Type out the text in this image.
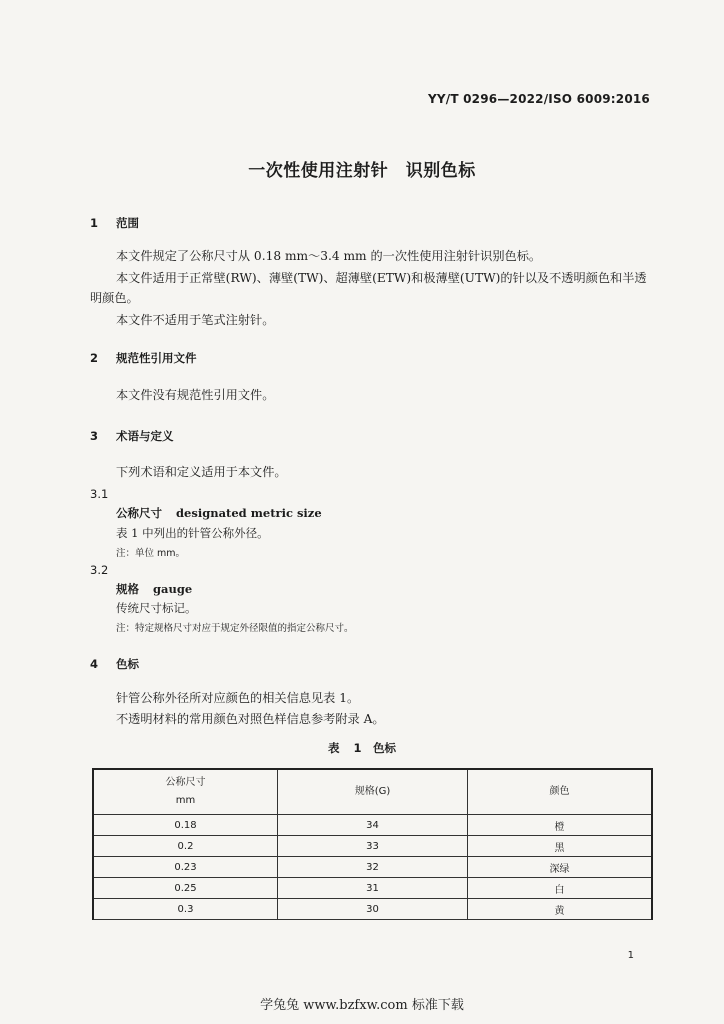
YY/T 0296—2022/ISO 6009:2016
一次性使用注射针　识别色标
1 范围
本文件规定了公称尺寸从 0.18 mm～3.4 mm 的一次性使用注射针识别色标。
本文件适用于正常壁(RW)、薄壁(TW)、超薄壁(ETW)和极薄壁(UTW)的针以及不透明颜色和半透明颜色。
本文件不适用于笔式注射针。
2 规范性引用文件
本文件没有规范性引用文件。
3 术语与定义
下列术语和定义适用于本文件。
3.1
公称尺寸 designated metric size
表 1 中列出的针管公称外径。
注：单位 mm。
3.2
规格 gauge
传统尺寸标记。
注：特定规格尺寸对应于规定外径限值的指定公称尺寸。
4 色标
针管公称外径所对应颜色的相关信息见表 1。
不透明材料的常用颜色对照色样信息参考附录 A。
表 1　色标
公称尺寸
mm	规格(G)	颜色
0.18	34	橙
0.2	33	黑
0.23	32	深绿
0.25	31	白
0.3	30	黄
1
学兔兔 www.bzfxw.com 标准下载
